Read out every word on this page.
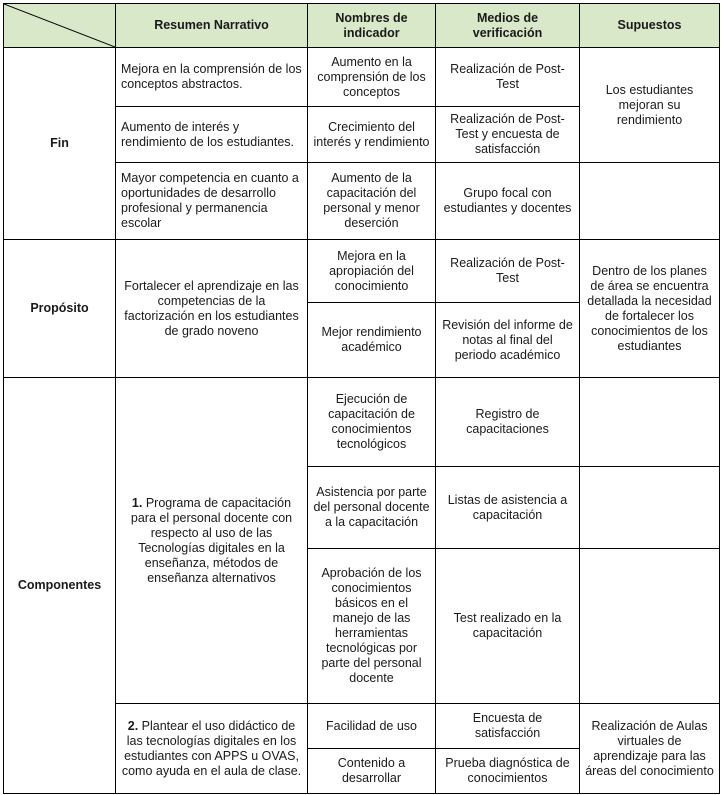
	Resumen Narrativo	Nombres de indicador	Medios de verificación	Supuestos
Fin	Mejora en la comprensión de los conceptos abstractos.	Aumento en la comprensión de los conceptos	Realización de Post-Test	Los estudiantes mejoran su rendimiento
	Aumento de interés y rendimiento de los estudiantes.	Crecimiento del interés y rendimiento	Realización de Post-Test y encuesta de satisfacción	
	Mayor competencia en cuanto a oportunidades de desarrollo profesional y permanencia escolar	Aumento de la capacitación del personal y menor deserción	Grupo focal con estudiantes y docentes	
Propósito	Fortalecer el aprendizaje en las competencias de la factorización en los estudiantes de grado noveno	Mejora en la apropiación del conocimiento	Realización de Post-Test	Dentro de los planes de área se encuentra detallada la necesidad de fortalecer los conocimientos de los estudiantes
		Mejor rendimiento académico	Revisión del informe de notas al final del periodo académico	
Componentes	1. Programa de capacitación para el personal docente con respecto al uso de las Tecnologías digitales en la enseñanza, métodos de enseñanza alternativos	Ejecución de capacitación de conocimientos tecnológicos	Registro de capacitaciones	
		Asistencia por parte del personal docente a la capacitación	Listas de asistencia a capacitación	
		Aprobación de los conocimientos básicos en el manejo de las herramientas tecnológicas por parte del personal docente	Test realizado en la capacitación	
	2. Plantear el uso didáctico de las tecnologías digitales en los estudiantes con APPS u OVAS, como ayuda en el aula de clase.	Facilidad de uso	Encuesta de satisfacción	Realización de Aulas virtuales de aprendizaje para las áreas del conocimiento
		Contenido a desarrollar	Prueba diagnóstica de conocimientos	
